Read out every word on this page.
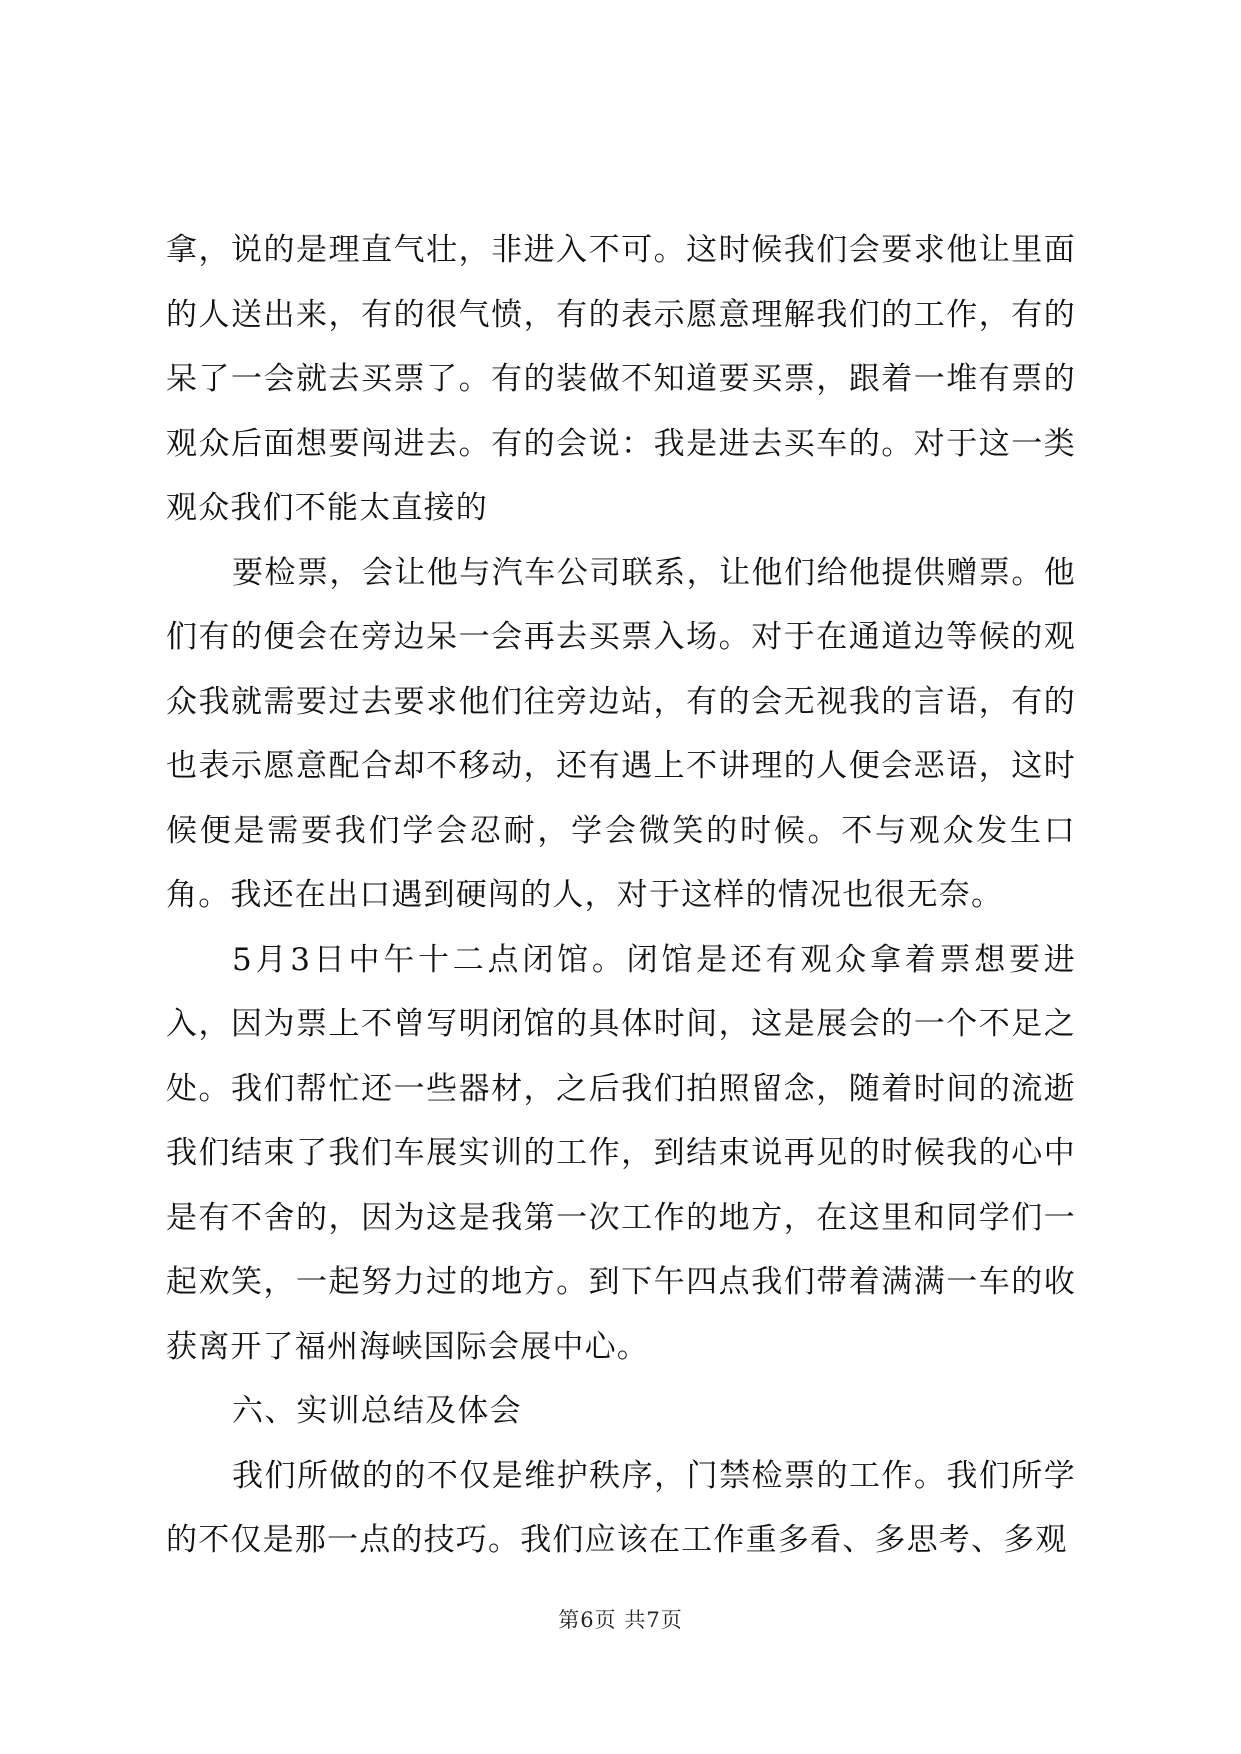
拿，说的是理直气壮，非进入不可。这时候我们会要求他让里面的人送出来，有的很气愤，有的表示愿意理解我们的工作，有的呆了一会就去买票了。有的装做不知道要买票，跟着一堆有票的观众后面想要闯进去。有的会说：我是进去买车的。对于这一类观众我们不能太直接的

要检票，会让他与汽车公司联系，让他们给他提供赠票。他们有的便会在旁边呆一会再去买票入场。对于在通道边等候的观众我就需要过去要求他们往旁边站，有的会无视我的言语，有的也表示愿意配合却不移动，还有遇上不讲理的人便会恶语，这时候便是需要我们学会忍耐，学会微笑的时候。不与观众发生口角。我还在出口遇到硬闯的人，对于这样的情况也很无奈。

5月3日中午十二点闭馆。闭馆是还有观众拿着票想要进入，因为票上不曾写明闭馆的具体时间，这是展会的一个不足之处。我们帮忙还一些器材，之后我们拍照留念，随着时间的流逝我们结束了我们车展实训的工作，到结束说再见的时候我的心中是有不舍的，因为这是我第一次工作的地方，在这里和同学们一起欢笑，一起努力过的地方。到下午四点我们带着满满一车的收获离开了福州海峡国际会展中心。

六、实训总结及体会

我们所做的的不仅是维护秩序，门禁检票的工作。我们所学的不仅是那一点的技巧。我们应该在工作重多看、多思考、多观

第6页 共7页
